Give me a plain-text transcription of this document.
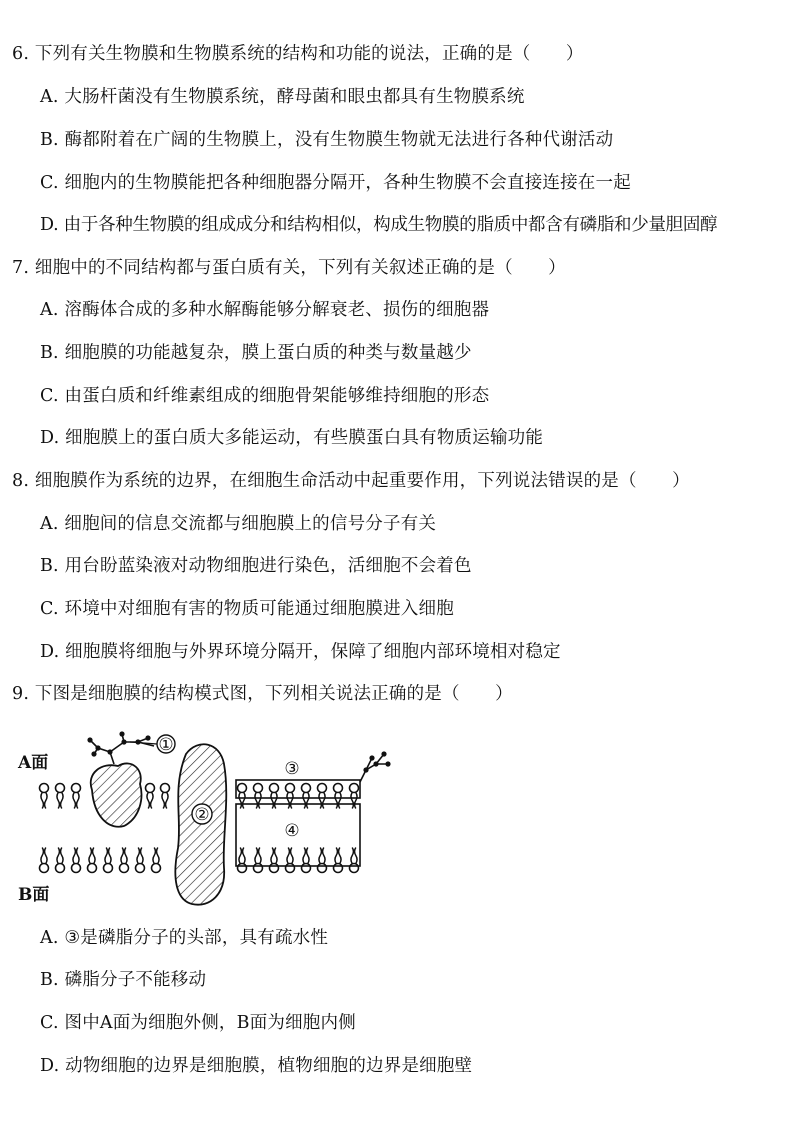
6. 下列有关生物膜和生物膜系统的结构和功能的说法，正确的是（　　）
A. 大肠杆菌没有生物膜系统，酵母菌和眼虫都具有生物膜系统
B. 酶都附着在广阔的生物膜上，没有生物膜生物就无法进行各种代谢活动
C. 细胞内的生物膜能把各种细胞器分隔开，各种生物膜不会直接连接在一起
D. 由于各种生物膜的组成成分和结构相似，构成生物膜的脂质中都含有磷脂和少量胆固醇
7. 细胞中的不同结构都与蛋白质有关，下列有关叙述正确的是（　　）
A. 溶酶体合成的多种水解酶能够分解衰老、损伤的细胞器
B. 细胞膜的功能越复杂，膜上蛋白质的种类与数量越少
C. 由蛋白质和纤维素组成的细胞骨架能够维持细胞的形态
D. 细胞膜上的蛋白质大多能运动，有些膜蛋白具有物质运输功能
8. 细胞膜作为系统的边界，在细胞生命活动中起重要作用，下列说法错误的是（　　）
A. 细胞间的信息交流都与细胞膜上的信号分子有关
B. 用台盼蓝染液对动物细胞进行染色，活细胞不会着色
C. 环境中对细胞有害的物质可能通过细胞膜进入细胞
D. 细胞膜将细胞与外界环境分隔开，保障了细胞内部环境相对稳定
9. 下图是细胞膜的结构模式图，下列相关说法正确的是（　　）
A面
B面
①
②
③
④
A. ③是磷脂分子的头部，具有疏水性
B. 磷脂分子不能移动
C. 图中A面为细胞外侧，B面为细胞内侧
D. 动物细胞的边界是细胞膜，植物细胞的边界是细胞壁
